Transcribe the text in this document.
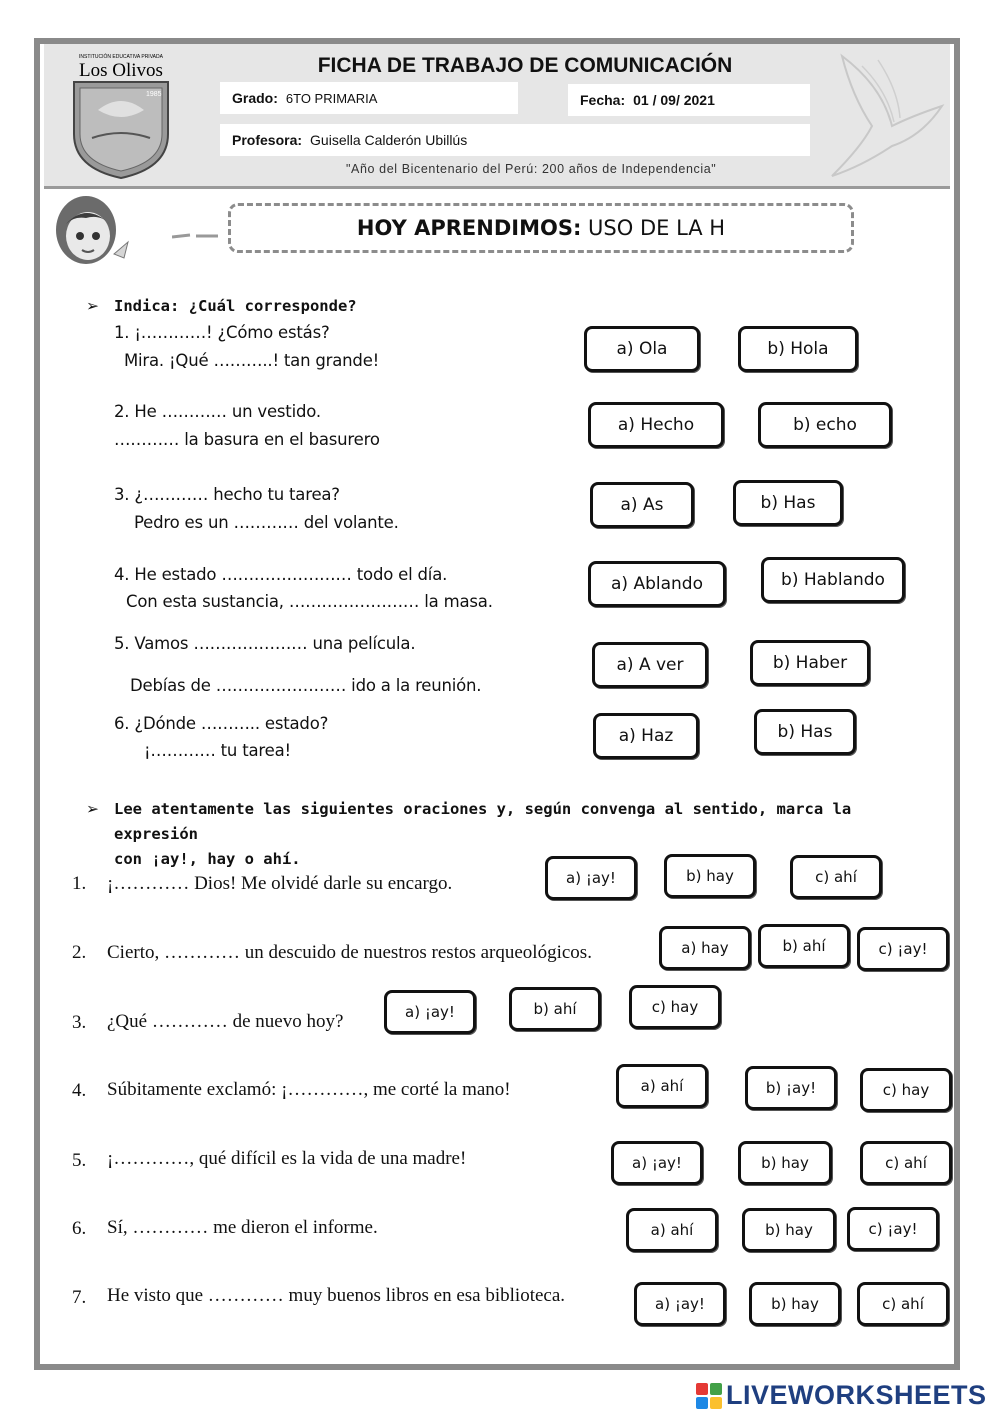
INSTITUCIÓN EDUCATIVA PRIVADA
Los Olivos
1985
FICHA DE TRABAJO DE COMUNICACIÓN
Grado: 6TO PRIMARIA	Fecha: 01 / 09/ 2021
Profesora: Guisella Calderón Ubillús
"Año del Bicentenario del Perú: 200 años de Independencia"
HOY APRENDIMOS: USO DE LA H
➢ Indica: ¿Cuál corresponde?
1. ¡…………! ¿Cómo estás?
Mira. ¡Qué ………..! tan grande!
a) Ola	b) Hola
2. He ………… un vestido.
………… la basura en el basurero
a) Hecho	b) echo
3. ¿………… hecho tu tarea?
Pedro es un ………… del volante.
a) As	b) Has
4. He estado …………………… todo el día.
Con esta sustancia, …………………… la masa.
a) Ablando	b) Hablando
5. Vamos ………………… una película.
Debías de …………………… ido a la reunión.
a) A ver	b) Haber
6. ¿Dónde ……….. estado?
¡………… tu tarea!
a) Haz	b) Has
➢ Lee atentamente las siguientes oraciones y, según convenga al sentido, marca la expresión
con ¡ay!, hay o ahí.
1. ¡………… Dios! Me olvidé darle su encargo.	a) ¡ay!	b) hay	c) ahí
2. Cierto, ………… un descuido de nuestros restos arqueológicos.	a) hay	b) ahí	c) ¡ay!
3. ¿Qué ………… de nuevo hoy?	a) ¡ay!	b) ahí	c) hay
4. Súbitamente exclamó: ¡…………, me corté la mano!	a) ahí	b) ¡ay!	c) hay
5. ¡…………, qué difícil es la vida de una madre!	a) ¡ay!	b) hay	c) ahí
6. Sí, ………… me dieron el informe.	a) ahí	b) hay	c) ¡ay!
7. He visto que ………… muy buenos libros en esa biblioteca.	a) ¡ay!	b) hay	c) ahí
LIVEWORKSHEETS
